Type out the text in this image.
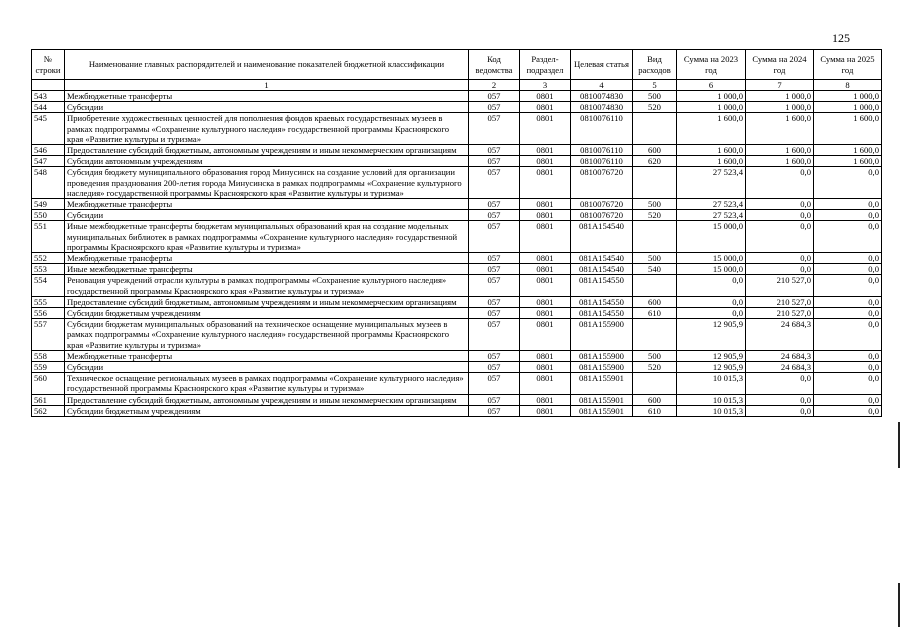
125
№ строки	Наименование главных распорядителей и наименование показателей бюджетной классификации	Код ведомства	Раздел-подраздел	Целевая статья	Вид расходов	Сумма на 2023 год	Сумма на 2024 год	Сумма на 2025 год
	1	2	3	4	5	6	7	8
543	Межбюджетные трансферты	057	0801	0810074830	500	1 000,0	1 000,0	1 000,0
544	Субсидии	057	0801	0810074830	520	1 000,0	1 000,0	1 000,0
545	Приобретение художественных ценностей для пополнения фондов краевых государственных музеев в рамках подпрограммы «Сохранение культурного наследия» государственной программы Красноярского края «Развитие культуры и туризма»	057	0801	0810076110		1 600,0	1 600,0	1 600,0
546	Предоставление субсидий бюджетным, автономным учреждениям и иным некоммерческим организациям	057	0801	0810076110	600	1 600,0	1 600,0	1 600,0
547	Субсидии автономным учреждениям	057	0801	0810076110	620	1 600,0	1 600,0	1 600,0
548	Субсидия бюджету муниципального образования город Минусинск на создание условий для организации проведения празднования 200-летия города Минусинска в рамках подпрограммы «Сохранение культурного наследия» государственной программы Красноярского края «Развитие культуры и туризма»	057	0801	0810076720		27 523,4	0,0	0,0
549	Межбюджетные трансферты	057	0801	0810076720	500	27 523,4	0,0	0,0
550	Субсидии	057	0801	0810076720	520	27 523,4	0,0	0,0
551	Иные межбюджетные трансферты бюджетам муниципальных образований края на создание модельных муниципальных библиотек в рамках подпрограммы «Сохранение культурного наследия» государственной программы Красноярского края «Развитие культуры и туризма»	057	0801	081A154540		15 000,0	0,0	0,0
552	Межбюджетные трансферты	057	0801	081A154540	500	15 000,0	0,0	0,0
553	Иные межбюджетные трансферты	057	0801	081A154540	540	15 000,0	0,0	0,0
554	Реновация учреждений отрасли культуры в рамках подпрограммы «Сохранение культурного наследия» государственной программы Красноярского края «Развитие культуры и туризма»	057	0801	081A154550		0,0	210 527,0	0,0
555	Предоставление субсидий бюджетным, автономным учреждениям и иным некоммерческим организациям	057	0801	081A154550	600	0,0	210 527,0	0,0
556	Субсидии бюджетным учреждениям	057	0801	081A154550	610	0,0	210 527,0	0,0
557	Субсидии бюджетам муниципальных образований на техническое оснащение муниципальных музеев в рамках подпрограммы «Сохранение культурного наследия» государственной программы Красноярского края «Развитие культуры и туризма»	057	0801	081A155900		12 905,9	24 684,3	0,0
558	Межбюджетные трансферты	057	0801	081A155900	500	12 905,9	24 684,3	0,0
559	Субсидии	057	0801	081A155900	520	12 905,9	24 684,3	0,0
560	Техническое оснащение региональных музеев в рамках подпрограммы «Сохранение культурного наследия» государственной программы Красноярского края «Развитие культуры и туризма»	057	0801	081A155901		10 015,3	0,0	0,0
561	Предоставление субсидий бюджетным, автономным учреждениям и иным некоммерческим организациям	057	0801	081A155901	600	10 015,3	0,0	0,0
562	Субсидии бюджетным учреждениям	057	0801	081A155901	610	10 015,3	0,0	0,0
